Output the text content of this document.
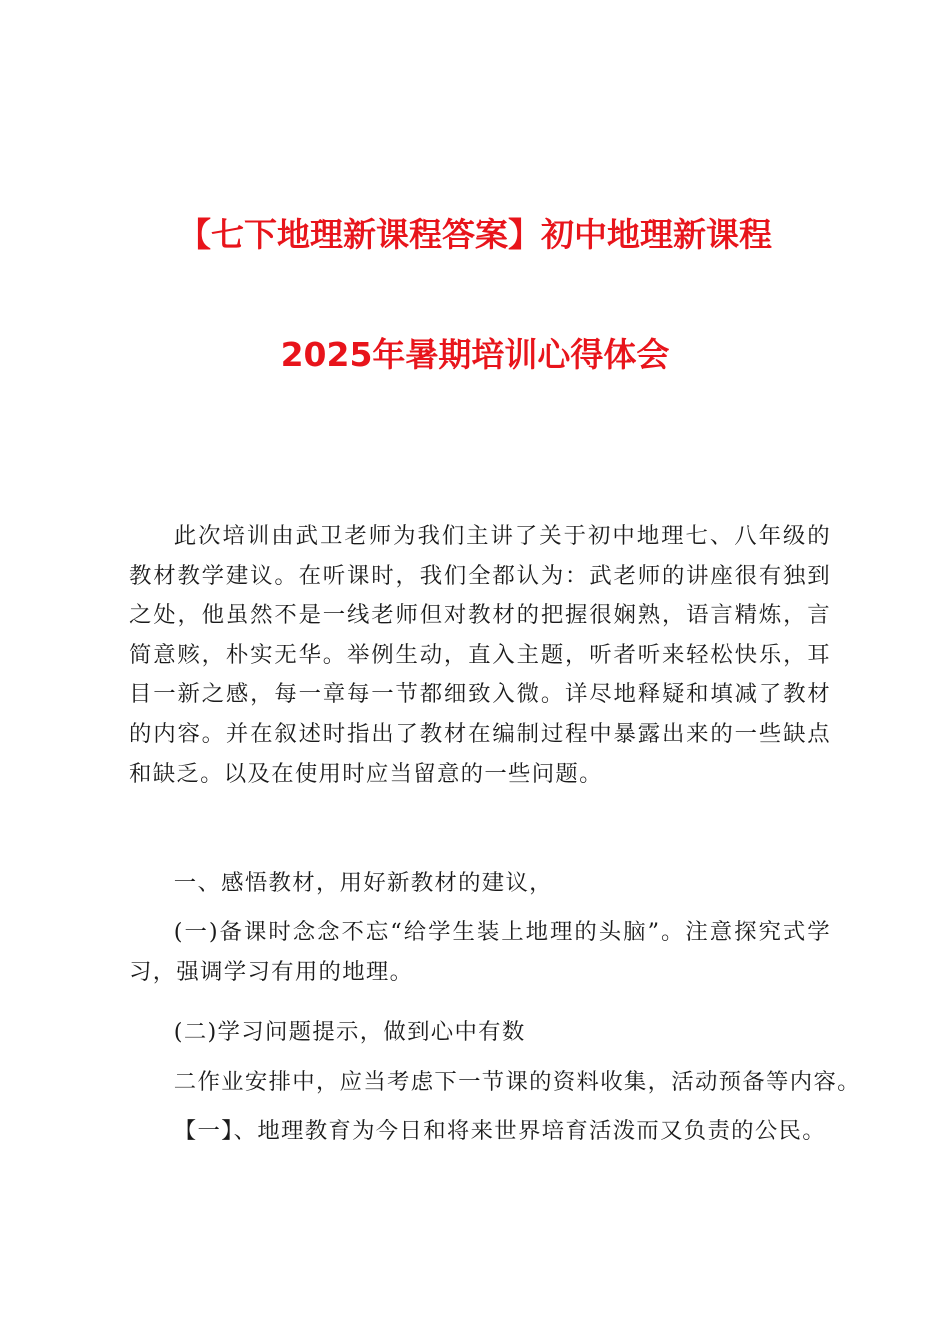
【七下地理新课程答案】初中地理新课程
2025年暑期培训心得体会
此次培训由武卫老师为我们主讲了关于初中地理七、八年级的教材教学建议。在听课时，我们全都认为：武老师的讲座很有独到之处，他虽然不是一线老师但对教材的把握很娴熟，语言精炼，言简意赅，朴实无华。举例生动，直入主题，听者听来轻松快乐，耳目一新之感，每一章每一节都细致入微。详尽地释疑和填减了教材的内容。并在叙述时指出了教材在编制过程中暴露出来的一些缺点和缺乏。以及在使用时应当留意的一些问题。
一、感悟教材，用好新教材的建议，
(一)备课时念念不忘“给学生装上地理的头脑”。注意探究式学习，强调学习有用的地理。
(二)学习问题提示，做到心中有数
二作业安排中，应当考虑下一节课的资料收集，活动预备等内容。
【一】、地理教育为今日和将来世界培育活泼而又负责的公民。
